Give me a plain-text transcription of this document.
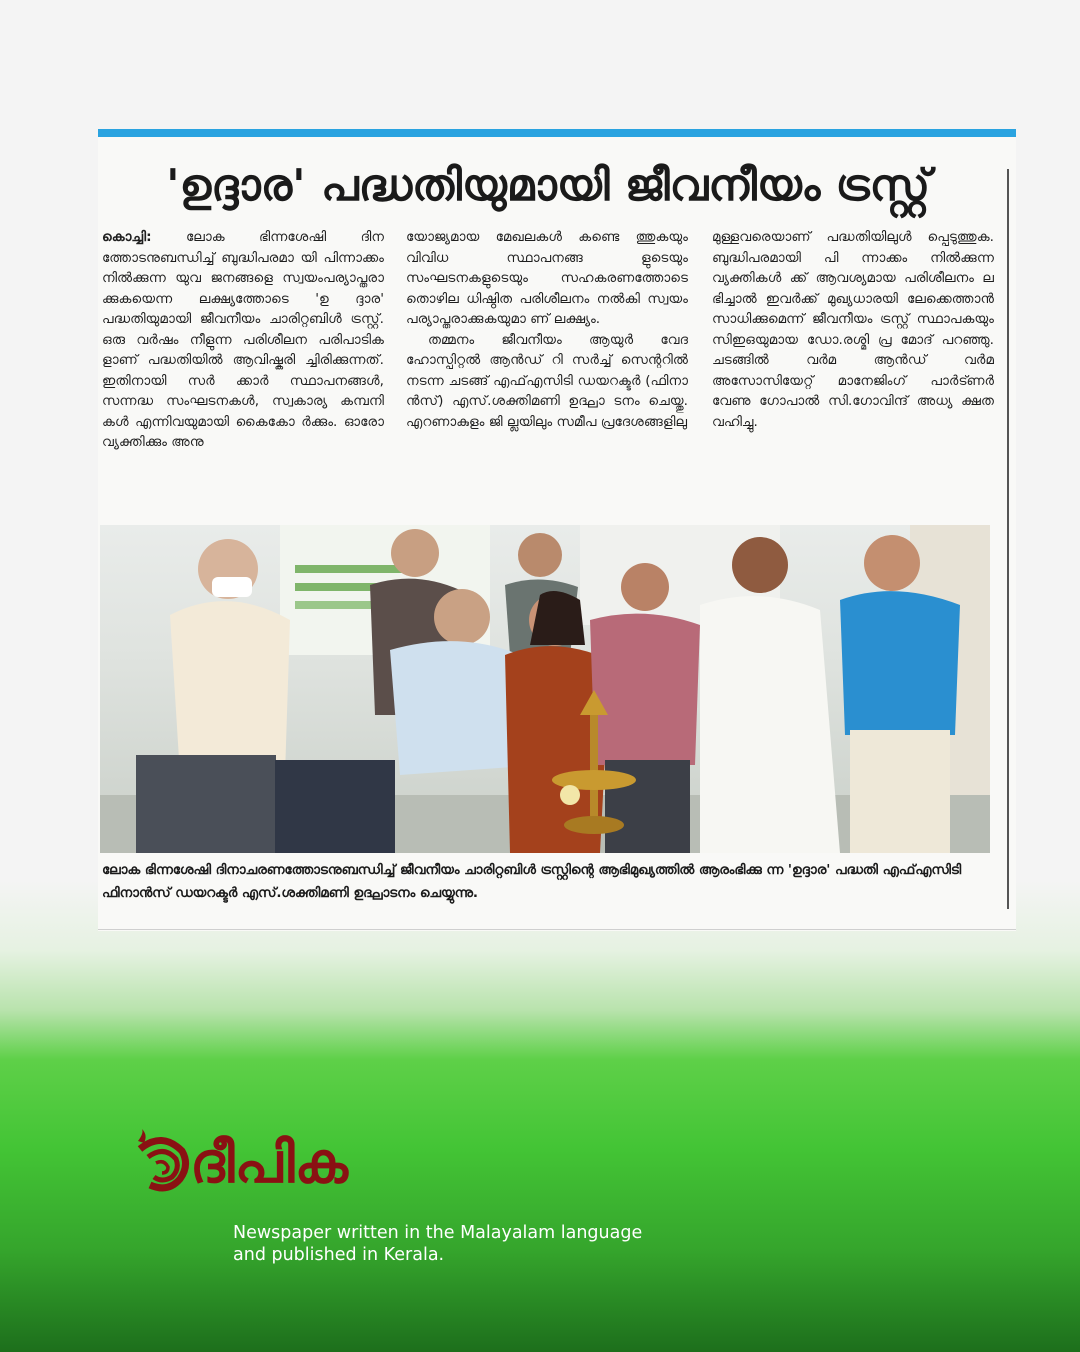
'ഉദ്ദാര' പദ്ധതിയുമായി ജീവനീയം ട്രസ്റ്റ്

കൊച്ചി:	ലോക ഭിന്നശേഷി ദിന ത്തോടനുബന്ധിച്ച് ബുദ്ധിപരമാ യി പിന്നാക്കം നിൽക്കുന്ന യുവ ജനങ്ങളെ സ്വയംപര്യാപ്തരാ ക്കുകയെന്ന ലക്ഷ്യത്തോടെ 'ഉ ദ്ദാര' പദ്ധതിയുമായി ജീവനീയം ചാരിറ്റബിൾ ട്രസ്റ്റ്. ഒരു വർഷം നീളുന്ന പരിശീലന പരിപാടിക ളാണ് പദ്ധതിയിൽ ആവിഷ്കരി ച്ചിരിക്കുന്നത്. ഇതിനായി സർ ക്കാർ സ്ഥാപനങ്ങൾ, സന്നദ്ധ സംഘടനകൾ, സ്വകാര്യ കമ്പനി കൾ എന്നിവയുമായി കൈകോ ർക്കും. ഓരോ വ്യക്തിക്കും അനു

യോജ്യമായ മേഖലകൾ കണ്ടെ ത്തുകയും വിവിധ സ്ഥാപനങ്ങ ളുടെയും സംഘടനകളുടെയും സഹകരണത്തോടെ തൊഴില ധിഷ്ഠിത പരിശീലനം നൽകി സ്വയം പര്യാപ്തരാക്കുകയുമാ ണ് ലക്ഷ്യം.

തമ്മനം ജീവനീയം ആയുർ വേദ ഹോസ്പിറ്റൽ ആൻഡ് റി സർച്ച് സെന്ററിൽ നടന്ന ചടങ്ങ് എഫ്എസിടി ഡയറക്ടർ (ഫിനാ ൻസ്) എസ്.ശക്തിമണി ഉദ്ഘാ ടനം ചെയ്തു. എറണാകുളം ജി ല്ലയിലും സമീപ പ്രദേശങ്ങളിലു

മുള്ളവരെയാണ് പദ്ധതിയിലുൾ പ്പെടുത്തുക. ബുദ്ധിപരമായി പി ന്നാക്കം നിൽക്കുന്ന വ്യക്തികൾ ക്ക് ആവശ്യമായ പരിശീലനം ല ഭിച്ചാൽ ഇവർക്ക് മുഖ്യധാരയി ലേക്കെത്താൻ സാധിക്കുമെന്ന് ജീവനീയം ട്രസ്റ്റ് സ്ഥാപകയും സിഇഒയുമായ ഡോ.രശ്മി പ്ര മോദ് പറഞ്ഞു. ചടങ്ങിൽ വർമ ആൻഡ് വർമ അസോസിയേറ്റ് മാനേജിംഗ് പാർട്ണർ വേണു ഗോപാൽ സി.ഗോവിന്ദ് അധ്യ ക്ഷത വഹിച്ചു.

ലോക ഭിന്നശേഷി ദിനാചരണത്തോടനുബന്ധിച്ച് ജീവനീയം ചാരിറ്റബിൾ ട്രസ്റ്റിന്റെ ആഭിമുഖ്യത്തിൽ ആരംഭിക്കു ന്ന 'ഉദ്ദാര' പദ്ധതി എഫ്എസിടി ഫിനാൻസ് ഡയറക്ടർ എസ്.ശക്തിമണി ഉദ്ഘാടനം ചെയ്യുന്നു.
ദീപിക
Newspaper written in the Malayalam language and published in Kerala.
